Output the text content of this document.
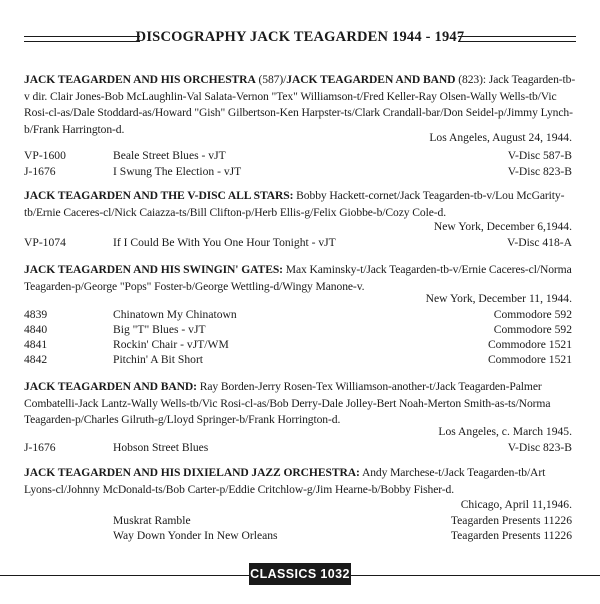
DISCOGRAPHY JACK TEAGARDEN 1944 - 1947
JACK TEAGARDEN AND HIS ORCHESTRA (587)/JACK TEAGARDEN AND BAND (823): Jack Teagarden-tb-v dir. Clair Jones-Bob McLaughlin-Val Salata-Vernon "Tex" Williamson-t/Fred Keller-Ray Olsen-Wally Wells-tb/Vic Rosi-cl-as/Dale Stoddard-as/Howard "Gish" Gilbertson-Ken Harpster-ts/Clark Crandall-bar/Don Seidel-p/Jimmy Lynch-b/Frank Harrington-d.
Los Angeles, August 24, 1944.
VP-1600	Beale Street Blues - vJT	V-Disc 587-B
J-1676	I Swung The Election - vJT	V-Disc 823-B
JACK TEAGARDEN AND THE V-DISC ALL STARS: Bobby Hackett-cornet/Jack Teagarden-tb-v/Lou McGarity-tb/Ernie Caceres-cl/Nick Caiazza-ts/Bill Clifton-p/Herb Ellis-g/Felix Giobbe-b/Cozy Cole-d.
New York, December 6,1944.
VP-1074	If I Could Be With You One Hour Tonight - vJT	V-Disc 418-A
JACK TEAGARDEN AND HIS SWINGIN' GATES: Max Kaminsky-t/Jack Teagarden-tb-v/Ernie Caceres-cl/Norma Teagarden-p/George "Pops" Foster-b/George Wettling-d/Wingy Manone-v.
New York, December 11, 1944.
4839	Chinatown My Chinatown	Commodore 592
4840	Big "T" Blues - vJT	Commodore 592
4841	Rockin' Chair - vJT/WM	Commodore 1521
4842	Pitchin' A Bit Short	Commodore 1521
JACK TEAGARDEN AND BAND: Ray Borden-Jerry Rosen-Tex Williamson-another-t/Jack Teagarden-Palmer Combatelli-Jack Lantz-Wally Wells-tb/Vic Rosi-cl-as/Bob Derry-Dale Jolley-Bert Noah-Merton Smith-as-ts/Norma Teagarden-p/Charles Gilruth-g/Lloyd Springer-b/Frank Horrington-d.
Los Angeles, c. March 1945.
J-1676	Hobson Street Blues	V-Disc 823-B
JACK TEAGARDEN AND HIS DIXIELAND JAZZ ORCHESTRA: Andy Marchese-t/Jack Teagarden-tb/Art Lyons-cl/Johnny McDonald-ts/Bob Carter-p/Eddie Critchlow-g/Jim Hearne-b/Bobby Fisher-d.
Chicago, April 11,1946.
Muskrat Ramble	Teagarden Presents 11226
Way Down Yonder In New Orleans	Teagarden Presents 11226
CLASSICS 1032
